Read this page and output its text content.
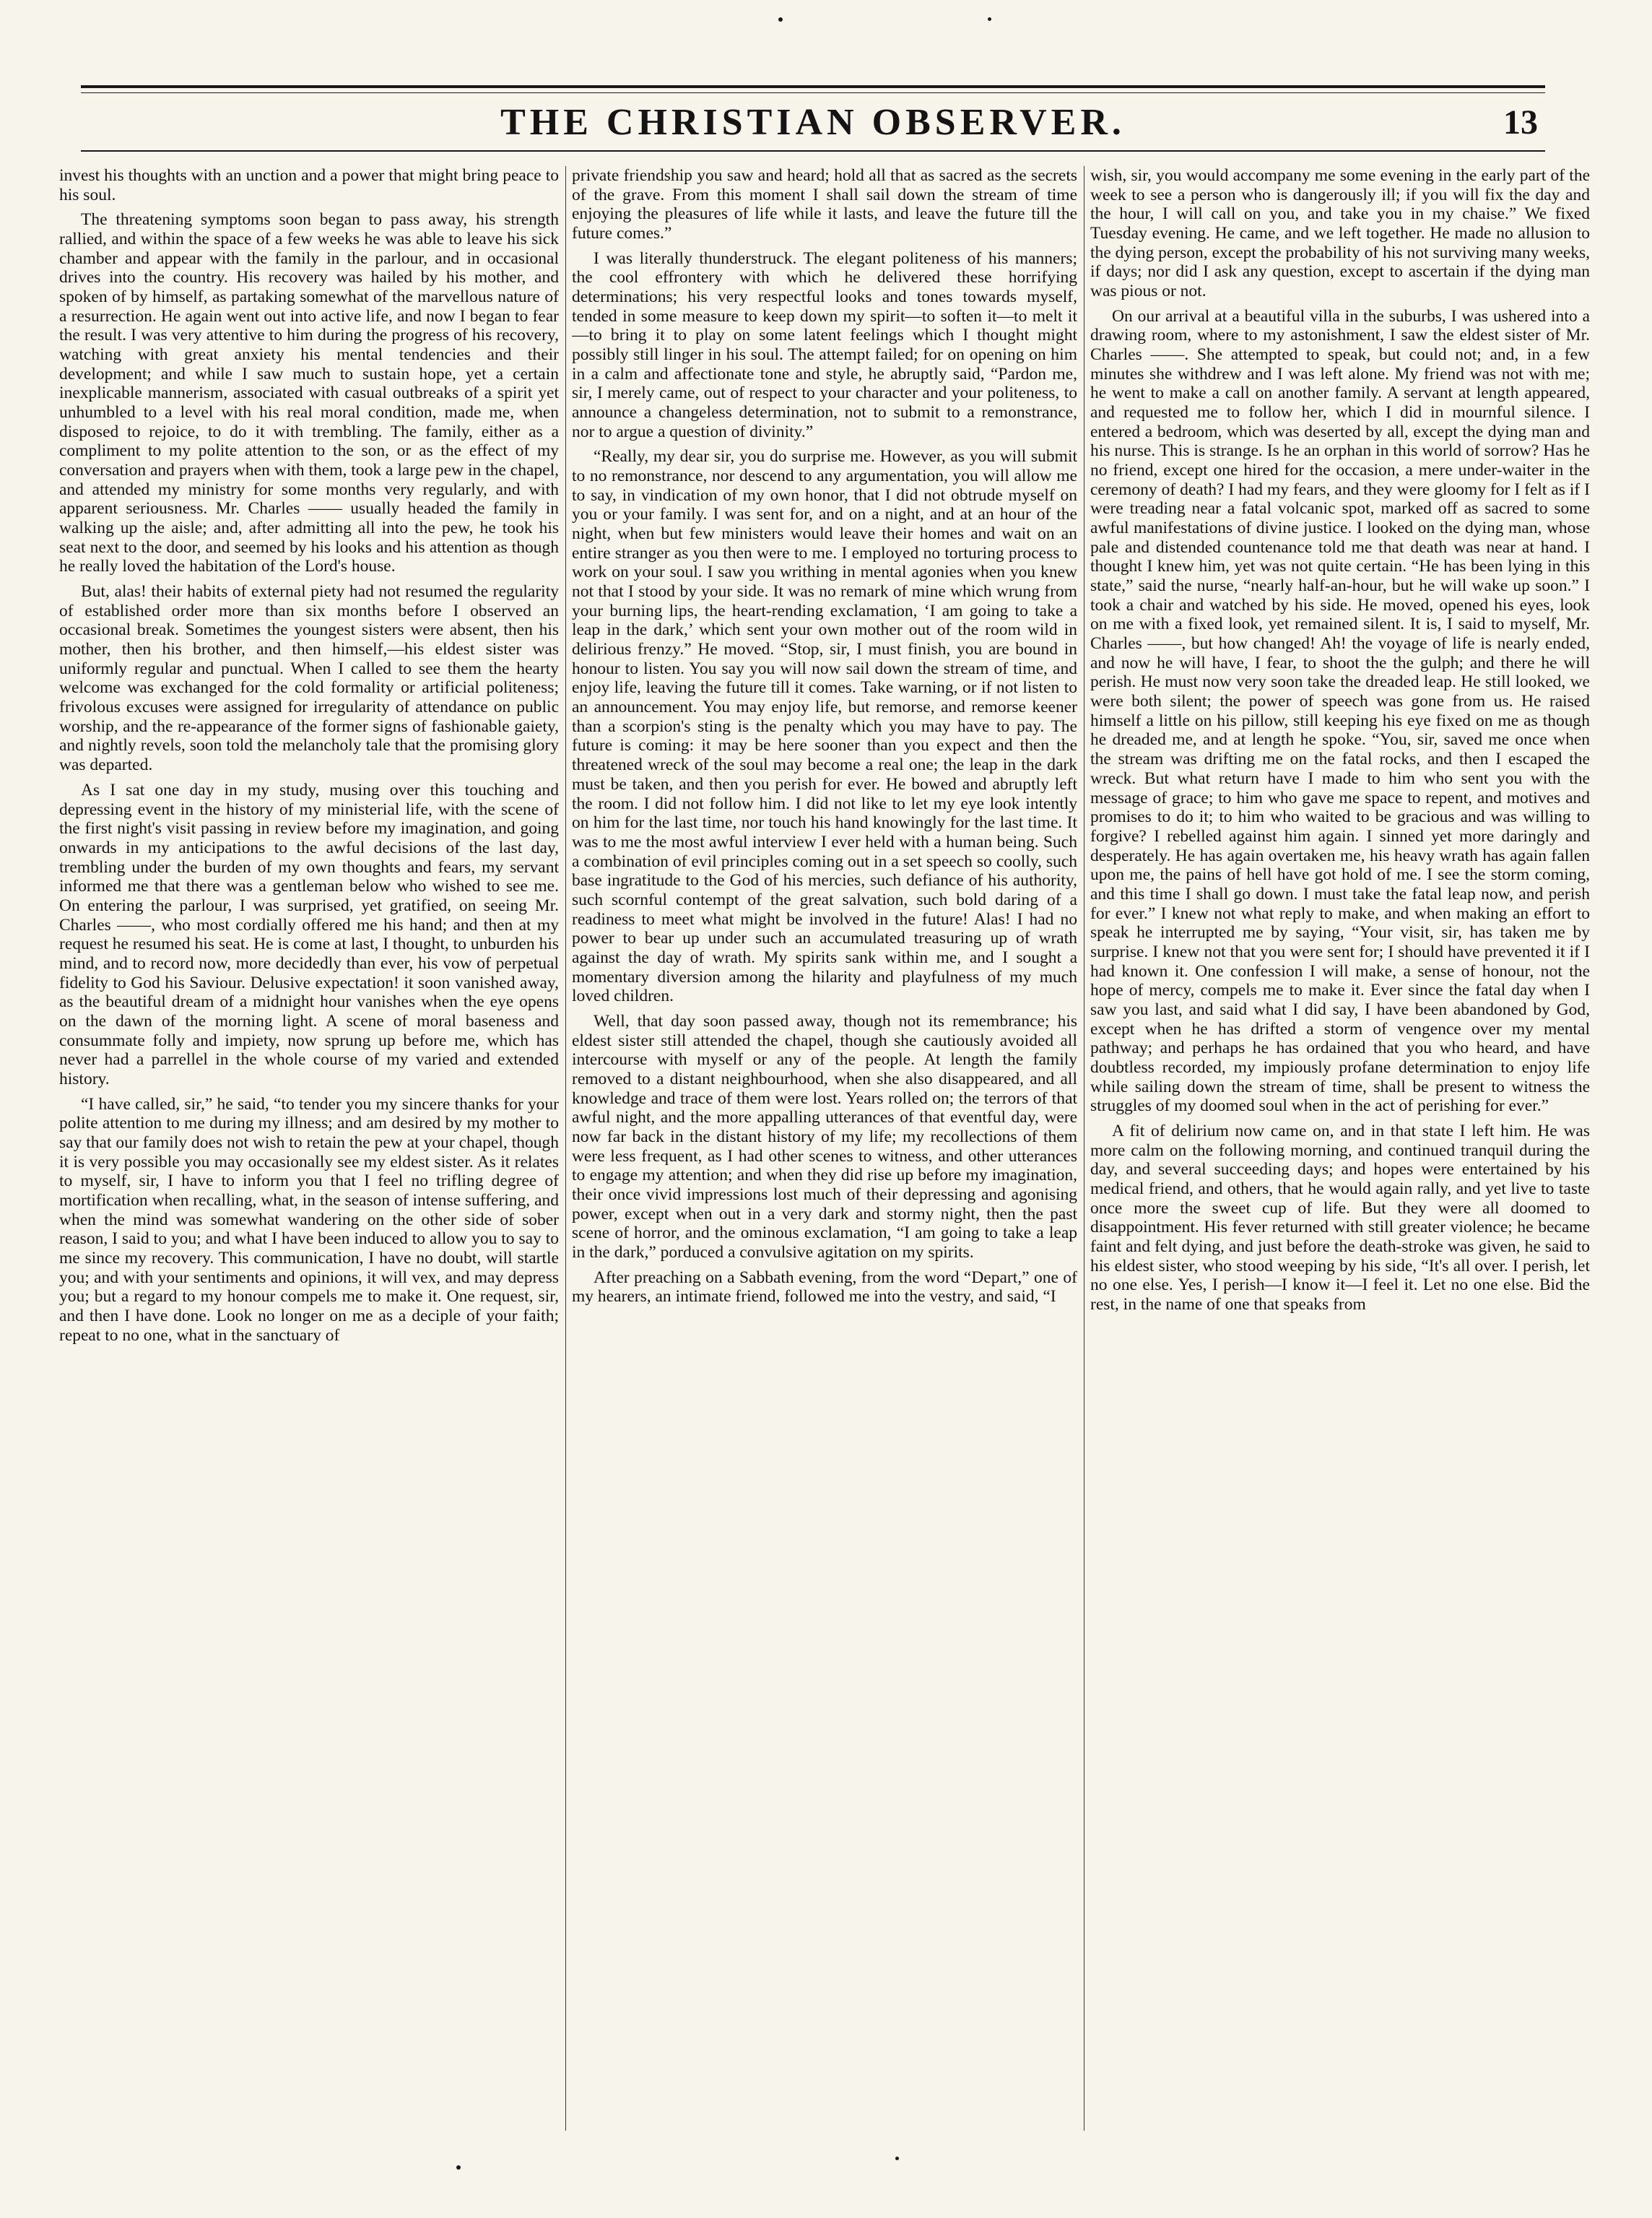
THE CHRISTIAN OBSERVER.	13

invest his thoughts with an unction and a power that might bring peace to his soul.

The threatening symptoms soon began to pass away, his strength rallied, and within the space of a few weeks he was able to leave his sick chamber and appear with the family in the parlour, and in occasional drives into the country. His recovery was hailed by his mother, and spoken of by himself, as partaking somewhat of the marvellous nature of a resurrection. He again went out into active life, and now I began to fear the result. I was very attentive to him during the progress of his recovery, watching with great anxiety his mental tendencies and their development; and while I saw much to sustain hope, yet a certain inexplicable mannerism, associated with casual outbreaks of a spirit yet unhumbled to a level with his real moral condition, made me, when disposed to rejoice, to do it with trembling. The family, either as a compliment to my polite attention to the son, or as the effect of my conversation and prayers when with them, took a large pew in the chapel, and attended my ministry for some months very regularly, and with apparent seriousness. Mr. Charles —— usually headed the family in walking up the aisle; and, after admitting all into the pew, he took his seat next to the door, and seemed by his looks and his attention as though he really loved the habitation of the Lord's house.

But, alas! their habits of external piety had not resumed the regularity of established order more than six months before I observed an occasional break. Sometimes the youngest sisters were absent, then his mother, then his brother, and then himself,—his eldest sister was uniformly regular and punctual. When I called to see them the hearty welcome was exchanged for the cold formality or artificial politeness; frivolous excuses were assigned for irregularity of attendance on public worship, and the re-appearance of the former signs of fashionable gaiety, and nightly revels, soon told the melancholy tale that the promising glory was departed.

As I sat one day in my study, musing over this touching and depressing event in the history of my ministerial life, with the scene of the first night's visit passing in review before my imagination, and going onwards in my anticipations to the awful decisions of the last day, trembling under the burden of my own thoughts and fears, my servant informed me that there was a gentleman below who wished to see me. On entering the parlour, I was surprised, yet gratified, on seeing Mr. Charles ——, who most cordially offered me his hand; and then at my request he resumed his seat. He is come at last, I thought, to unburden his mind, and to record now, more decidedly than ever, his vow of perpetual fidelity to God his Saviour. Delusive expectation! it soon vanished away, as the beautiful dream of a midnight hour vanishes when the eye opens on the dawn of the morning light. A scene of moral baseness and consummate folly and impiety, now sprung up before me, which has never had a parrellel in the whole course of my varied and extended history.

“I have called, sir,” he said, “to tender you my sincere thanks for your polite attention to me during my illness; and am desired by my mother to say that our family does not wish to retain the pew at your chapel, though it is very possible you may occasionally see my eldest sister. As it relates to myself, sir, I have to inform you that I feel no trifling degree of mortification when recalling, what, in the season of intense suffering, and when the mind was somewhat wandering on the other side of sober reason, I said to you; and what I have been induced to allow you to say to me since my recovery. This communication, I have no doubt, will startle you; and with your sentiments and opinions, it will vex, and may depress you; but a regard to my honour compels me to make it. One request, sir, and then I have done. Look no longer on me as a deciple of your faith; repeat to no one, what in the sanctuary of

private friendship you saw and heard; hold all that as sacred as the secrets of the grave. From this moment I shall sail down the stream of time enjoying the pleasures of life while it lasts, and leave the future till the future comes.”

I was literally thunderstruck. The elegant politeness of his manners; the cool effrontery with which he delivered these horrifying determinations; his very respectful looks and tones towards myself, tended in some measure to keep down my spirit—to soften it—to melt it—to bring it to play on some latent feelings which I thought might possibly still linger in his soul. The attempt failed; for on opening on him in a calm and affectionate tone and style, he abruptly said, “Pardon me, sir, I merely came, out of respect to your character and your politeness, to announce a changeless determination, not to submit to a remonstrance, nor to argue a question of divinity.”

“Really, my dear sir, you do surprise me. However, as you will submit to no remonstrance, nor descend to any argumentation, you will allow me to say, in vindication of my own honor, that I did not obtrude myself on you or your family. I was sent for, and on a night, and at an hour of the night, when but few ministers would leave their homes and wait on an entire stranger as you then were to me. I employed no torturing process to work on your soul. I saw you writhing in mental agonies when you knew not that I stood by your side. It was no remark of mine which wrung from your burning lips, the heart-rending exclamation, ‘I am going to take a leap in the dark,’ which sent your own mother out of the room wild in delirious frenzy.” He moved. “Stop, sir, I must finish, you are bound in honour to listen. You say you will now sail down the stream of time, and enjoy life, leaving the future till it comes. Take warning, or if not listen to an announcement. You may enjoy life, but remorse, and remorse keener than a scorpion's sting is the penalty which you may have to pay. The future is coming: it may be here sooner than you expect and then the threatened wreck of the soul may become a real one; the leap in the dark must be taken, and then you perish for ever. He bowed and abruptly left the room. I did not follow him. I did not like to let my eye look intently on him for the last time, nor touch his hand knowingly for the last time. It was to me the most awful interview I ever held with a human being. Such a combination of evil principles coming out in a set speech so coolly, such base ingratitude to the God of his mercies, such defiance of his authority, such scornful contempt of the great salvation, such bold daring of a readiness to meet what might be involved in the future! Alas! I had no power to bear up under such an accumulated treasuring up of wrath against the day of wrath. My spirits sank within me, and I sought a momentary diversion among the hilarity and playfulness of my much loved children.

Well, that day soon passed away, though not its remembrance; his eldest sister still attended the chapel, though she cautiously avoided all intercourse with myself or any of the people. At length the family removed to a distant neighbourhood, when she also disappeared, and all knowledge and trace of them were lost. Years rolled on; the terrors of that awful night, and the more appalling utterances of that eventful day, were now far back in the distant history of my life; my recollections of them were less frequent, as I had other scenes to witness, and other utterances to engage my attention; and when they did rise up before my imagination, their once vivid impressions lost much of their depressing and agonising power, except when out in a very dark and stormy night, then the past scene of horror, and the ominous exclamation, “I am going to take a leap in the dark,” porduced a convulsive agitation on my spirits.

After preaching on a Sabbath evening, from the word “Depart,” one of my hearers, an intimate friend, followed me into the vestry, and said, “I

wish, sir, you would accompany me some evening in the early part of the week to see a person who is dangerously ill; if you will fix the day and the hour, I will call on you, and take you in my chaise.” We fixed Tuesday evening. He came, and we left together. He made no allusion to the dying person, except the probability of his not surviving many weeks, if days; nor did I ask any question, except to ascertain if the dying man was pious or not.

On our arrival at a beautiful villa in the suburbs, I was ushered into a drawing room, where to my astonishment, I saw the eldest sister of Mr. Charles ——. She attempted to speak, but could not; and, in a few minutes she withdrew and I was left alone. My friend was not with me; he went to make a call on another family. A servant at length appeared, and requested me to follow her, which I did in mournful silence. I entered a bedroom, which was deserted by all, except the dying man and his nurse. This is strange. Is he an orphan in this world of sorrow? Has he no friend, except one hired for the occasion, a mere under-waiter in the ceremony of death? I had my fears, and they were gloomy for I felt as if I were treading near a fatal volcanic spot, marked off as sacred to some awful manifestations of divine justice. I looked on the dying man, whose pale and distended countenance told me that death was near at hand. I thought I knew him, yet was not quite certain. “He has been lying in this state,” said the nurse, “nearly half-an-hour, but he will wake up soon.” I took a chair and watched by his side. He moved, opened his eyes, look on me with a fixed look, yet remained silent. It is, I said to myself, Mr. Charles ——, but how changed! Ah! the voyage of life is nearly ended, and now he will have, I fear, to shoot the the gulph; and there he will perish. He must now very soon take the dreaded leap. He still looked, we were both silent; the power of speech was gone from us. He raised himself a little on his pillow, still keeping his eye fixed on me as though he dreaded me, and at length he spoke. “You, sir, saved me once when the stream was drifting me on the fatal rocks, and then I escaped the wreck. But what return have I made to him who sent you with the message of grace; to him who gave me space to repent, and motives and promises to do it; to him who waited to be gracious and was willing to forgive? I rebelled against him again. I sinned yet more daringly and desperately. He has again overtaken me, his heavy wrath has again fallen upon me, the pains of hell have got hold of me. I see the storm coming, and this time I shall go down. I must take the fatal leap now, and perish for ever.” I knew not what reply to make, and when making an effort to speak he interrupted me by saying, “Your visit, sir, has taken me by surprise. I knew not that you were sent for; I should have prevented it if I had known it. One confession I will make, a sense of honour, not the hope of mercy, compels me to make it. Ever since the fatal day when I saw you last, and said what I did say, I have been abandoned by God, except when he has drifted a storm of vengence over my mental pathway; and perhaps he has ordained that you who heard, and have doubtless recorded, my impiously profane determination to enjoy life while sailing down the stream of time, shall be present to witness the struggles of my doomed soul when in the act of perishing for ever.”

A fit of delirium now came on, and in that state I left him. He was more calm on the following morning, and continued tranquil during the day, and several succeeding days; and hopes were entertained by his medical friend, and others, that he would again rally, and yet live to taste once more the sweet cup of life. But they were all doomed to disappointment. His fever returned with still greater violence; he became faint and felt dying, and just before the death-stroke was given, he said to his eldest sister, who stood weeping by his side, “It's all over. I perish, let no one else. Yes, I perish—I know it—I feel it. Let no one else. Bid the rest, in the name of one that speaks from
